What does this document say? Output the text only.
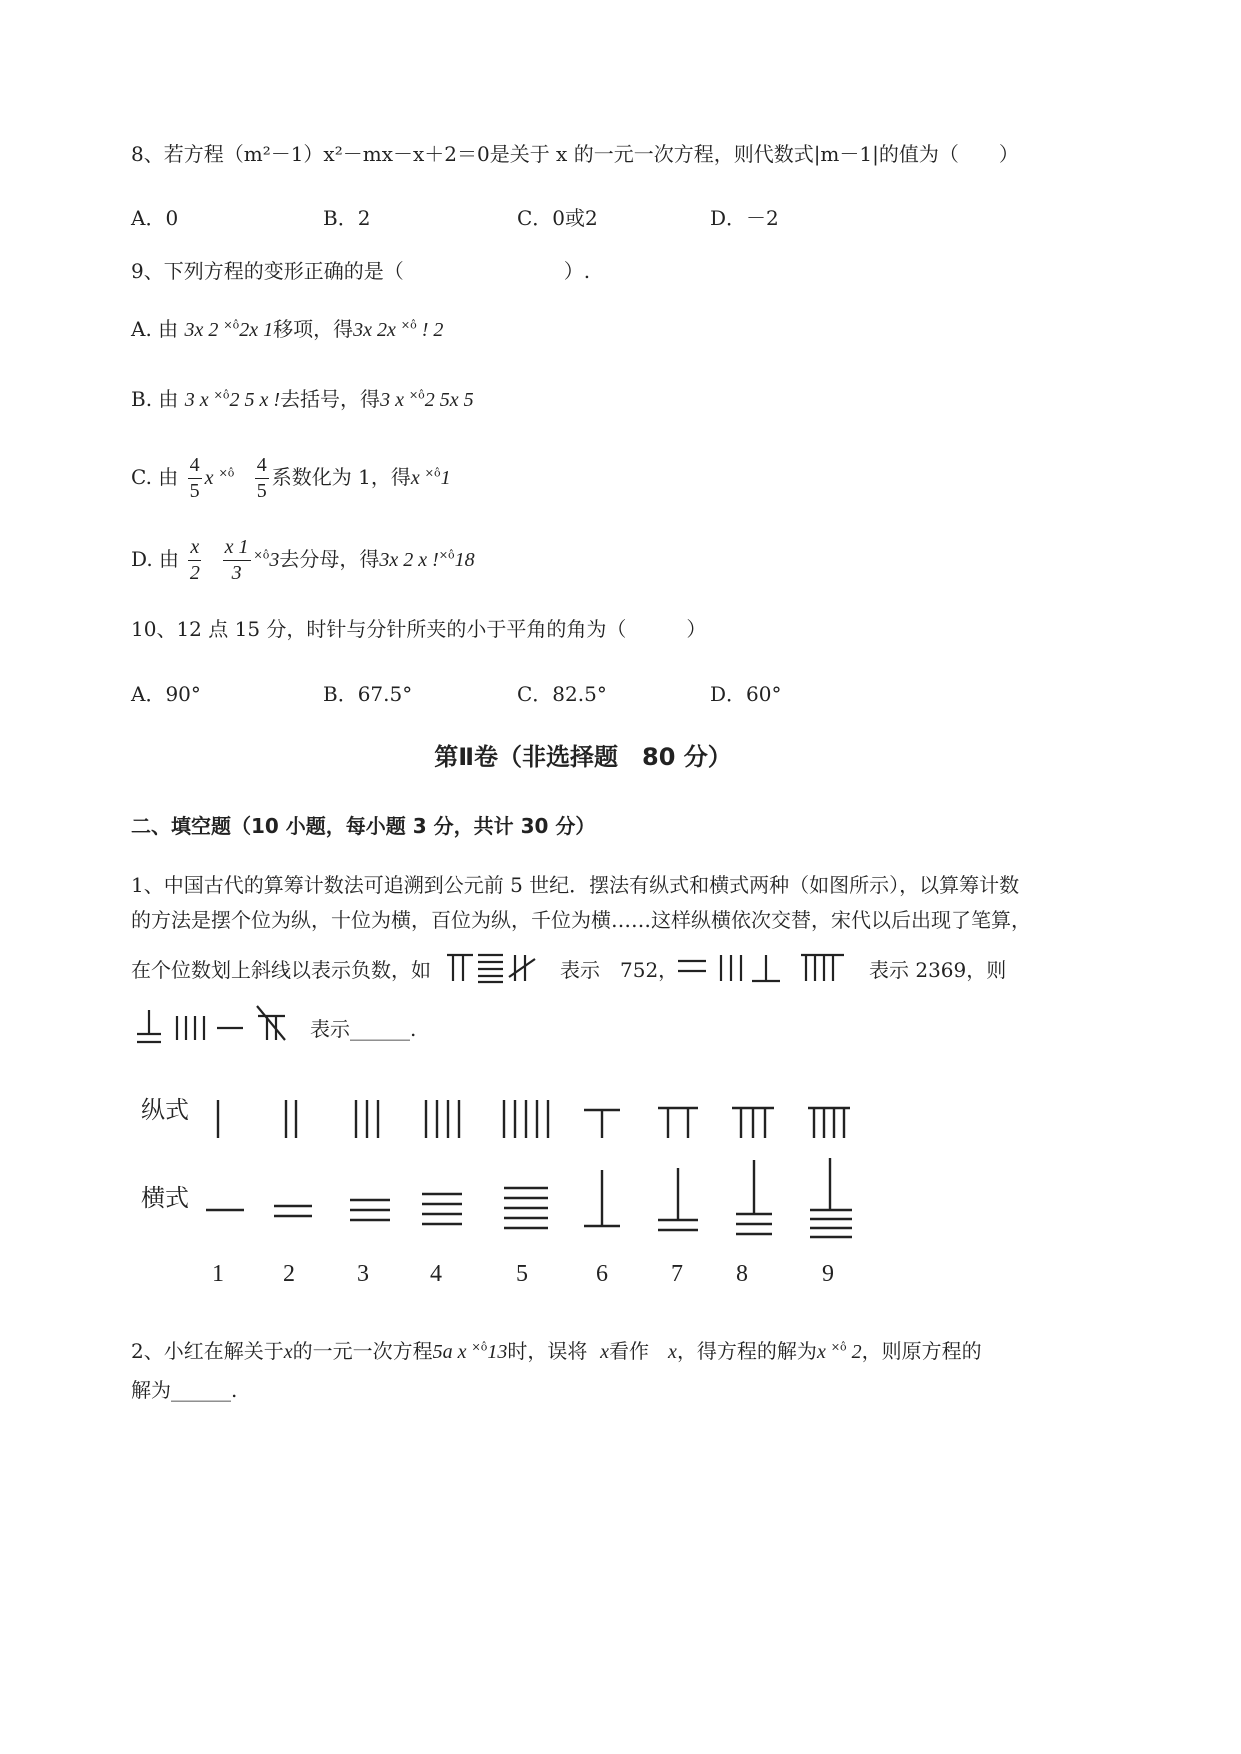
8、若方程（m²－1）x²－mx－x＋2＝0是关于 x 的一元一次方程，则代数式|m－1|的值为（　　）
A．0	B．2	C．0或2	D．－2
9、下列方程的变形正确的是（　　　　　　　　）.
A. 由 3x 2 $^{\times ô}$2x 1移项，得3x 2x $^{\times ô}$ ! 2
B. 由 3 x $^{\times ô}$2 5 x !去括号，得3 x $^{\times ô}$2 5x 5
C. 由 $\frac{4}{5}$ x $^{\times ô} \frac{4}{5}$ 系数化为 1，得x $^{\times ô}$1
D. 由 $\frac{x}{2}$
$\frac{x 1}{3} ^{\times ô}3$去分母，得3x 2 x !$^{\times ô}$18
10、12 点 15 分，时针与分针所夹的小于平角的角为（　　　）
A．90°	B．67.5°	C．82.5°	D．60°
第Ⅱ卷（非选择题　80 分）
二、填空题（10 小题，每小题 3 分，共计 30 分）
1、中国古代的算筹计数法可追溯到公元前 5 世纪．摆法有纵式和横式两种（如图所示），以算筹计数
的方法是摆个位为纵，十位为横，百位为纵，千位为横……这样纵横依次交替，宋代以后出现了笔算，
在个位数划上斜线以表示负数，如	表示　752，	表示 2369，则
表示______.
纵式
横式
1 2	3	4	5	6	7 8	9
2、小红在解关于x的一元一次方程5a x $^{\times ô}$13时，误将 x看作 x，得方程的解为x $^{\times ô}$ 2，则原方程的
解为______.
